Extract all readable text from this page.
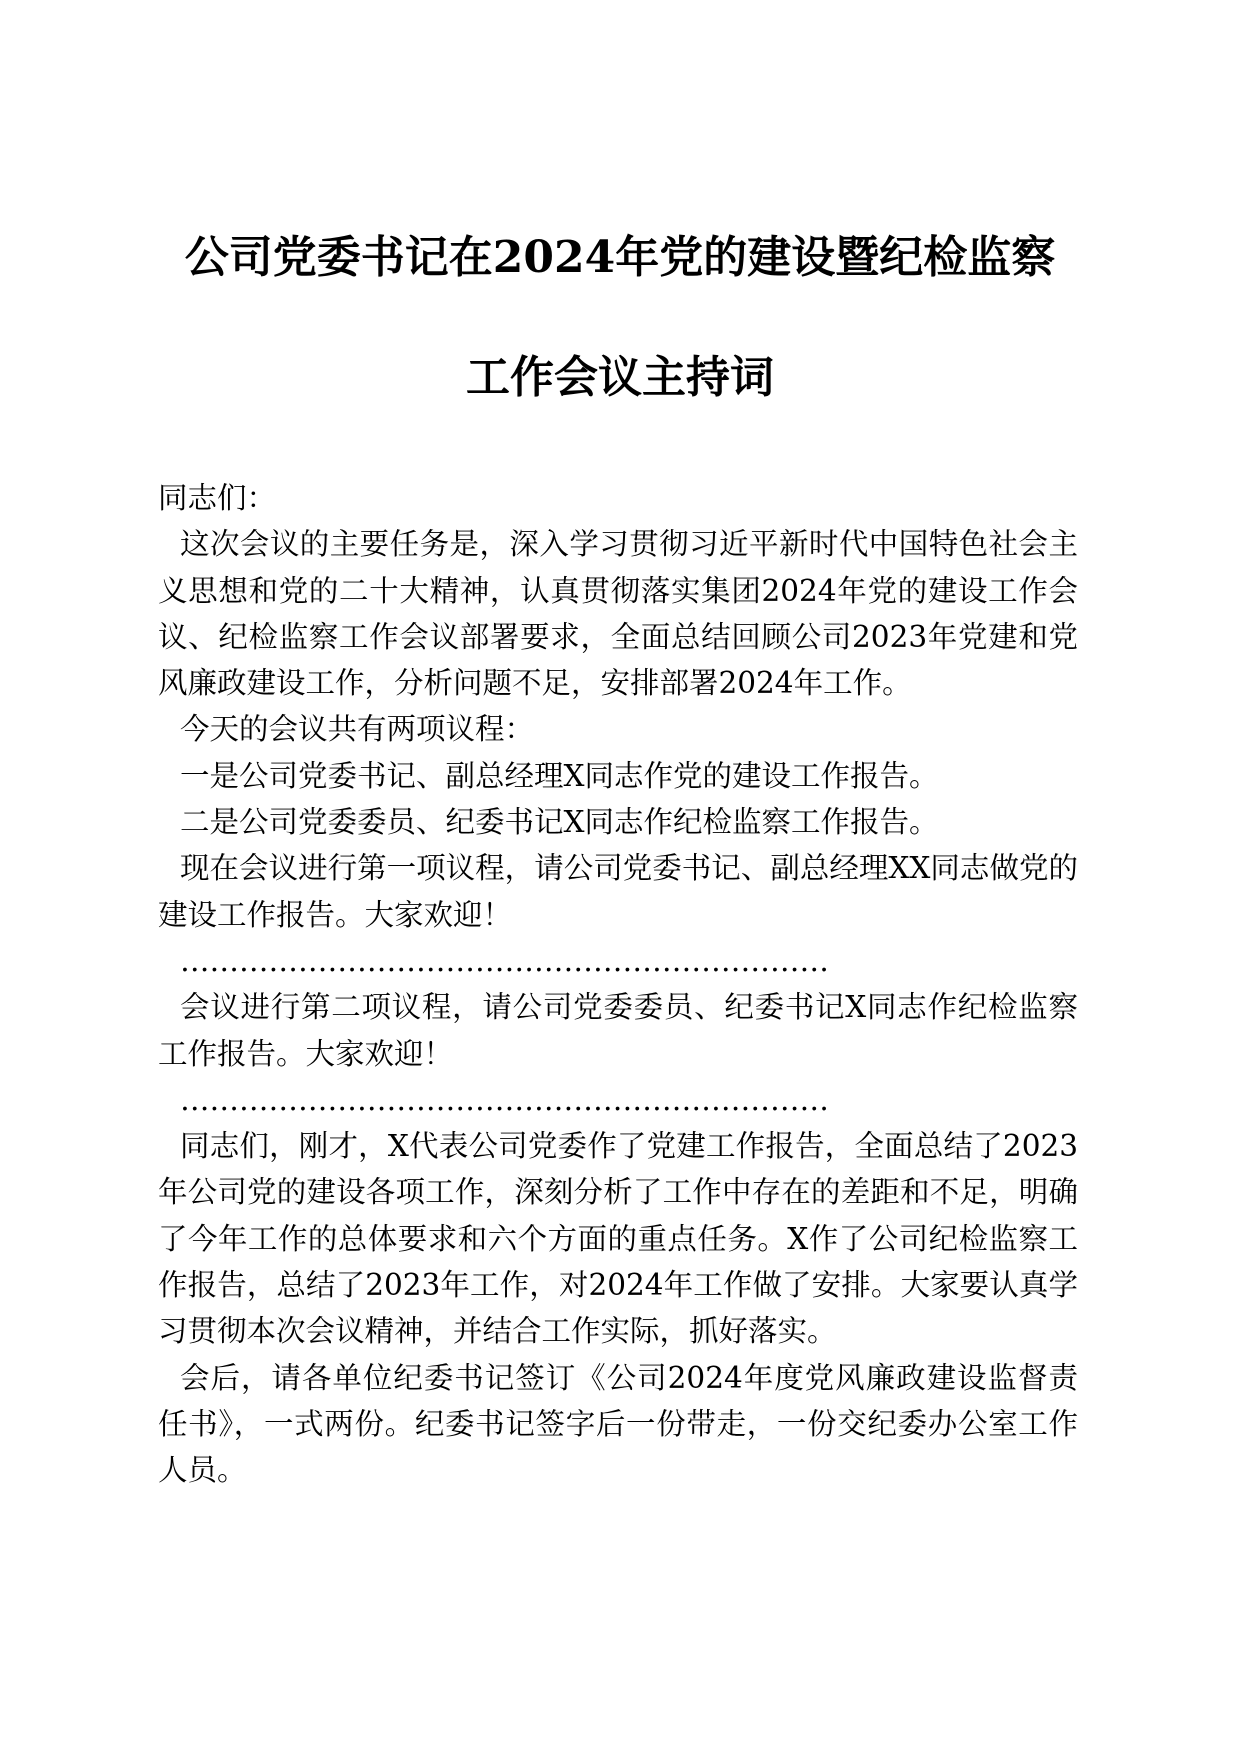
公司党委书记在2024年党的建设暨纪检监察
工作会议主持词

同志们：

这次会议的主要任务是，深入学习贯彻习近平新时代中国特色社会主义思想和党的二十大精神，认真贯彻落实集团2024年党的建设工作会议、纪检监察工作会议部署要求，全面总结回顾公司2023年党建和党风廉政建设工作，分析问题不足，安排部署2024年工作。

今天的会议共有两项议程：

一是公司党委书记、副总经理X同志作党的建设工作报告。

二是公司党委委员、纪委书记X同志作纪检监察工作报告。

现在会议进行第一项议程，请公司党委书记、副总经理XX同志做党的建设工作报告。大家欢迎！

…………………………………………………………

会议进行第二项议程，请公司党委委员、纪委书记X同志作纪检监察工作报告。大家欢迎！

…………………………………………………………

同志们，刚才，X代表公司党委作了党建工作报告，全面总结了2023年公司党的建设各项工作，深刻分析了工作中存在的差距和不足，明确了今年工作的总体要求和六个方面的重点任务。X作了公司纪检监察工作报告，总结了2023年工作，对2024年工作做了安排。大家要认真学习贯彻本次会议精神，并结合工作实际，抓好落实。

会后，请各单位纪委书记签订《公司2024年度党风廉政建设监督责任书》，一式两份。纪委书记签字后一份带走，一份交纪委办公室工作人员。
